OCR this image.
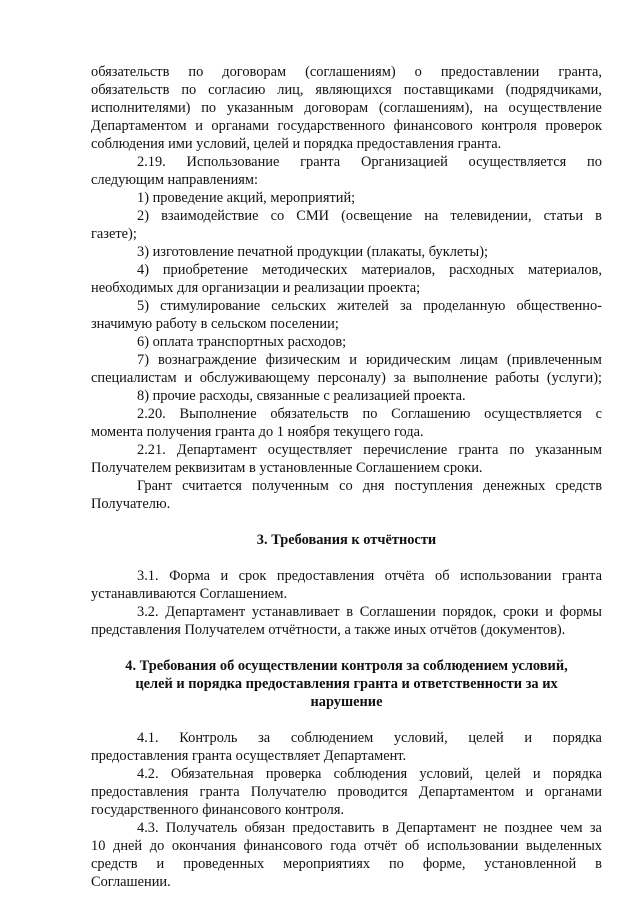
обязательств по договорам (соглашениям) о предоставлении гранта,
обязательств по согласию лиц, являющихся поставщиками (подрядчиками,
исполнителями) по указанным договорам (соглашениям), на осуществление
Департаментом и органами государственного финансового контроля проверок
соблюдения ими условий, целей и порядка предоставления гранта.
2.19. Использование гранта Организацией осуществляется по
следующим направлениям:
1) проведение акций, мероприятий;
2) взаимодействие со СМИ (освещение на телевидении, статьи в
газете);
3) изготовление печатной продукции (плакаты, буклеты);
4) приобретение методических материалов, расходных материалов,
необходимых для организации и реализации проекта;
5) стимулирование сельских жителей за проделанную общественно-
значимую работу в сельском поселении;
6) оплата транспортных расходов;
7) вознаграждение физическим и юридическим лицам (привлеченным
специалистам и обслуживающему персоналу) за выполнение работы (услуги);
8) прочие расходы, связанные с реализацией проекта.
2.20. Выполнение обязательств по Соглашению осуществляется с
момента получения гранта до 1 ноября текущего года.
2.21. Департамент осуществляет перечисление гранта по указанным
Получателем реквизитам в установленные Соглашением сроки.
Грант считается полученным со дня поступления денежных средств
Получателю.
3. Требования к отчётности
3.1. Форма и срок предоставления отчёта об использовании гранта
устанавливаются Соглашением.
3.2. Департамент устанавливает в Соглашении порядок, сроки и формы
представления Получателем отчётности, а также иных отчётов (документов).
4. Требования об осуществлении контроля за соблюдением условий,
целей и порядка предоставления гранта и ответственности за их
нарушение
4.1. Контроль за соблюдением условий, целей и порядка
предоставления гранта осуществляет Департамент.
4.2. Обязательная проверка соблюдения условий, целей и порядка
предоставления гранта Получателю проводится Департаментом и органами
государственного финансового контроля.
4.3. Получатель обязан предоставить в Департамент не позднее чем за
10 дней до окончания финансового года отчёт об использовании выделенных
средств и проведенных мероприятиях по форме, установленной в
Соглашении.
